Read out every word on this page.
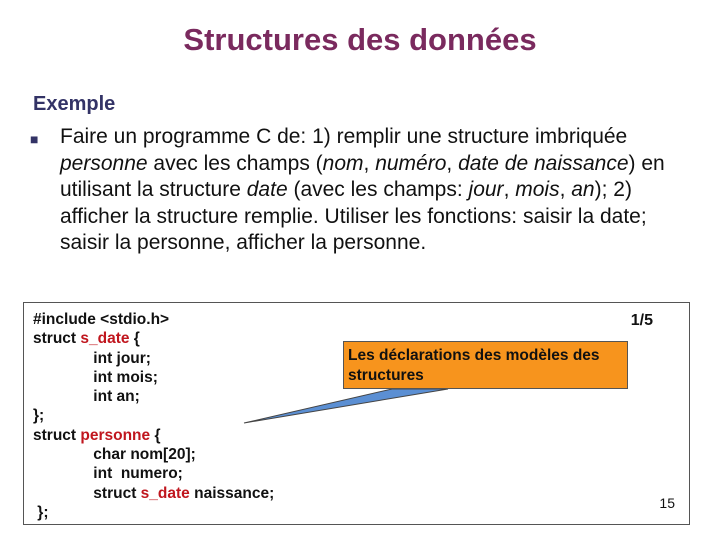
Structures des données
Exemple
■	Faire un programme C de: 1) remplir une structure imbriquée personne avec les champs (nom, numéro, date de naissance) en utilisant la structure date (avec les champs: jour, mois, an); 2) afficher la structure remplie. Utiliser les fonctions: saisir la date; saisir la personne, afficher la personne.
#include <stdio.h>
struct s_date {
int jour;
int mois;
int an;
};
struct personne {
char nom[20];
int  numero;
struct s_date naissance;
};
1/5
15
Les déclarations des modèles des structures
